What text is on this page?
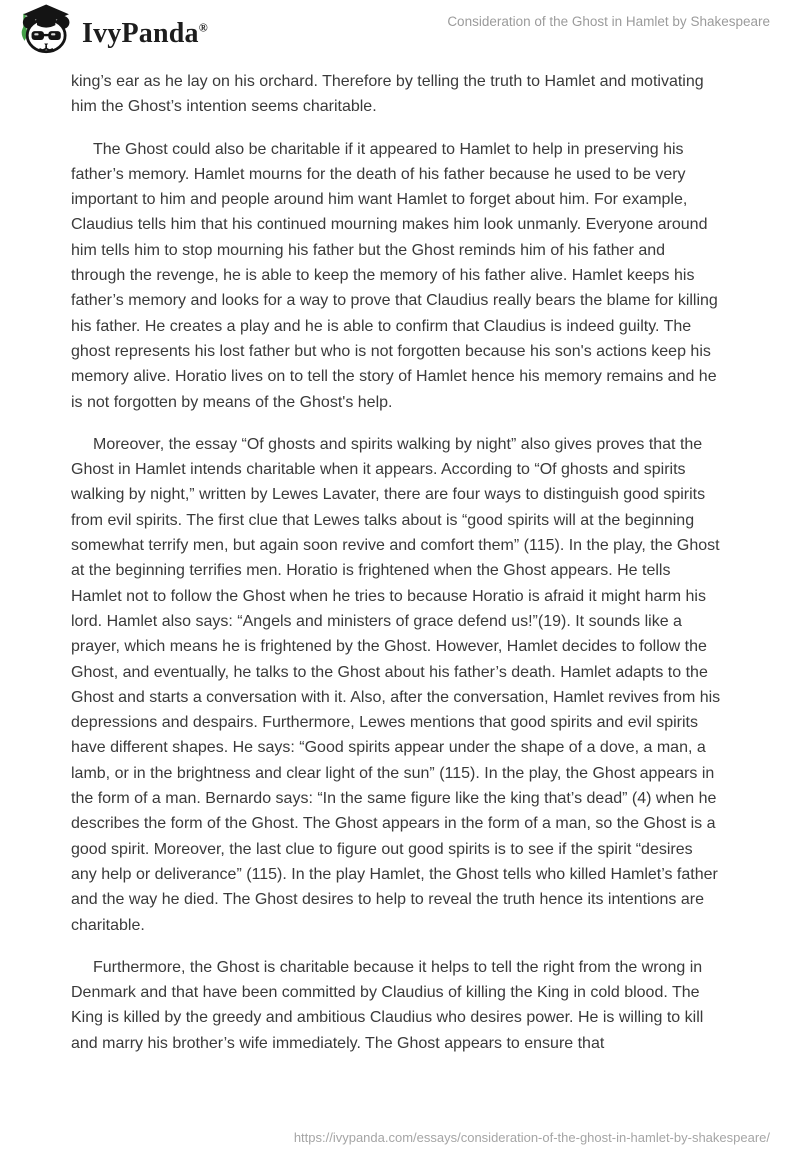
IvyPanda®	Consideration of the Ghost in Hamlet by Shakespeare

king’s ear as he lay on his orchard. Therefore by telling the truth to Hamlet and motivating him the Ghost’s intention seems charitable.

The Ghost could also be charitable if it appeared to Hamlet to help in preserving his father’s memory. Hamlet mourns for the death of his father because he used to be very important to him and people around him want Hamlet to forget about him. For example, Claudius tells him that his continued mourning makes him look unmanly. Everyone around him tells him to stop mourning his father but the Ghost reminds him of his father and through the revenge, he is able to keep the memory of his father alive. Hamlet keeps his father’s memory and looks for a way to prove that Claudius really bears the blame for killing his father. He creates a play and he is able to confirm that Claudius is indeed guilty. The ghost represents his lost father but who is not forgotten because his son's actions keep his memory alive. Horatio lives on to tell the story of Hamlet hence his memory remains and he is not forgotten by means of the Ghost's help.

Moreover, the essay “Of ghosts and spirits walking by night” also gives proves that the Ghost in Hamlet intends charitable when it appears. According to “Of ghosts and spirits walking by night,” written by Lewes Lavater, there are four ways to distinguish good spirits from evil spirits. The first clue that Lewes talks about is “good spirits will at the beginning somewhat terrify men, but again soon revive and comfort them” (115). In the play, the Ghost at the beginning terrifies men. Horatio is frightened when the Ghost appears. He tells Hamlet not to follow the Ghost when he tries to because Horatio is afraid it might harm his lord. Hamlet also says: “Angels and ministers of grace defend us!”(19). It sounds like a prayer, which means he is frightened by the Ghost. However, Hamlet decides to follow the Ghost, and eventually, he talks to the Ghost about his father’s death. Hamlet adapts to the Ghost and starts a conversation with it. Also, after the conversation, Hamlet revives from his depressions and despairs. Furthermore, Lewes mentions that good spirits and evil spirits have different shapes. He says: “Good spirits appear under the shape of a dove, a man, a lamb, or in the brightness and clear light of the sun” (115). In the play, the Ghost appears in the form of a man. Bernardo says: “In the same figure like the king that’s dead” (4) when he describes the form of the Ghost. The Ghost appears in the form of a man, so the Ghost is a good spirit. Moreover, the last clue to figure out good spirits is to see if the spirit “desires any help or deliverance” (115). In the play Hamlet, the Ghost tells who killed Hamlet’s father and the way he died. The Ghost desires to help to reveal the truth hence its intentions are charitable.

Furthermore, the Ghost is charitable because it helps to tell the right from the wrong in Denmark and that have been committed by Claudius of killing the King in cold blood. The King is killed by the greedy and ambitious Claudius who desires power. He is willing to kill and marry his brother’s wife immediately. The Ghost appears to ensure that

https://ivypanda.com/essays/consideration-of-the-ghost-in-hamlet-by-shakespeare/
